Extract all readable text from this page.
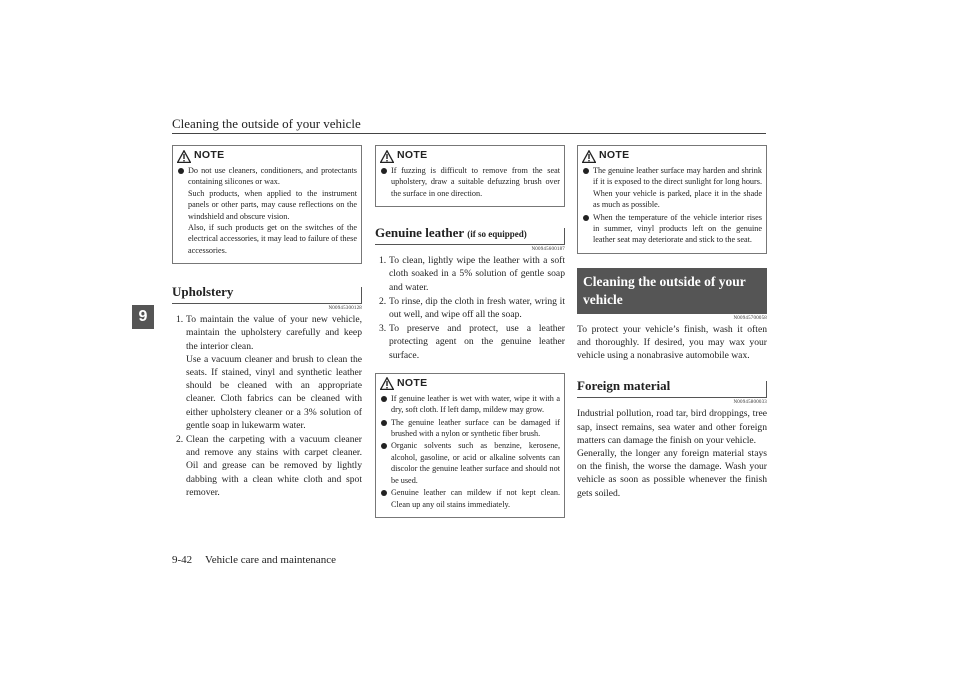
Cleaning the outside of your vehicle
9
NOTE
Do not use cleaners, conditioners, and protectants containing silicones or wax.
Such products, when applied to the instrument panels or other parts, may cause reflections on the windshield and obscure vision.
Also, if such products get on the switches of the electrical accessories, it may lead to failure of these accessories.
Upholstery
N00945300128
1. To maintain the value of your new vehicle, maintain the upholstery carefully and keep the interior clean.
Use a vacuum cleaner and brush to clean the seats. If stained, vinyl and synthetic leather should be cleaned with an appropriate cleaner. Cloth fabrics can be cleaned with either upholstery cleaner or a 3% solution of gentle soap in lukewarm water.
2. Clean the carpeting with a vacuum cleaner and remove any stains with carpet cleaner. Oil and grease can be removed by lightly dabbing with a clean white cloth and spot remover.
NOTE
If fuzzing is difficult to remove from the seat upholstery, draw a suitable defuzzing brush over the surface in one direction.
Genuine leather (if so equipped)
N00945600187
1. To clean, lightly wipe the leather with a soft cloth soaked in a 5% solution of gentle soap and water.
2. To rinse, dip the cloth in fresh water, wring it out well, and wipe off all the soap.
3. To preserve and protect, use a leather protecting agent on the genuine leather surface.
NOTE
If genuine leather is wet with water, wipe it with a dry, soft cloth. If left damp, mildew may grow.
The genuine leather surface can be damaged if brushed with a nylon or synthetic fiber brush.
Organic solvents such as benzine, kerosene, alcohol, gasoline, or acid or alkaline solvents can discolor the genuine leather surface and should not be used.
Genuine leather can mildew if not kept clean. Clean up any oil stains immediately.
NOTE
The genuine leather surface may harden and shrink if it is exposed to the direct sunlight for long hours. When your vehicle is parked, place it in the shade as much as possible.
When the temperature of the vehicle interior rises in summer, vinyl products left on the genuine leather seat may deteriorate and stick to the seat.
Cleaning the outside of your vehicle
N00945700058
To protect your vehicle’s finish, wash it often and thoroughly. If desired, you may wax your vehicle using a nonabrasive automobile wax.
Foreign material
N00945800033
Industrial pollution, road tar, bird droppings, tree sap, insect remains, sea water and other foreign matters can damage the finish on your vehicle.
Generally, the longer any foreign material stays on the finish, the worse the damage. Wash your vehicle as soon as possible whenever the finish gets soiled.
9-42 Vehicle care and maintenance
